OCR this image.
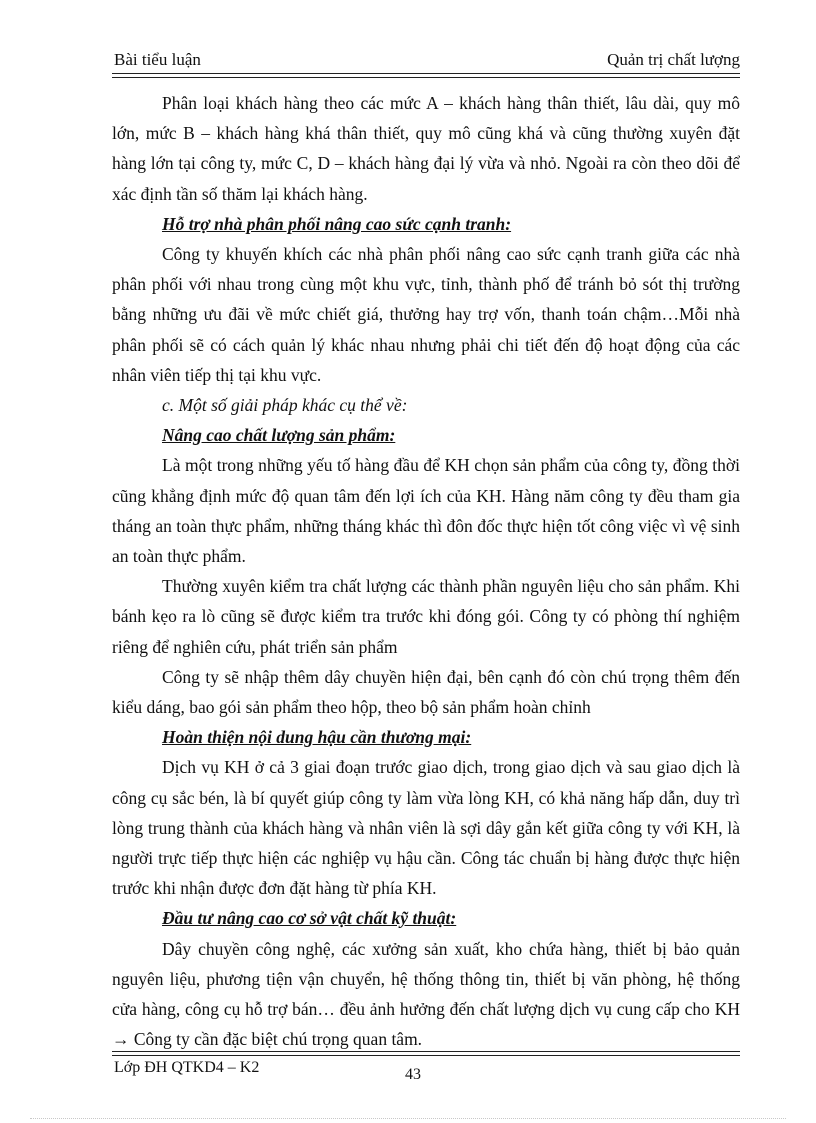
Bài tiểu luận	Quản trị chất lượng

Phân loại khách hàng theo các mức A – khách hàng thân thiết, lâu dài, quy mô lớn, mức B – khách hàng khá thân thiết, quy mô cũng khá và cũng thường xuyên đặt hàng lớn tại công ty, mức C, D – khách hàng đại lý vừa và nhỏ. Ngoài ra còn theo dõi để xác định tần số thăm lại khách hàng.

Hỗ trợ nhà phân phối nâng cao sức cạnh tranh:

Công ty khuyến khích các nhà phân phối nâng cao sức cạnh tranh giữa các nhà phân phối với nhau trong cùng một khu vực, tỉnh, thành phố để tránh bỏ sót thị trường bằng những ưu đãi về mức chiết giá, thưởng hay trợ vốn, thanh toán chậm…Mỗi nhà phân phối sẽ có cách quản lý khác nhau nhưng phải chi tiết đến độ hoạt động của các nhân viên tiếp thị tại khu vực.

c. Một số giải pháp khác cụ thể về:

Nâng cao chất lượng sản phẩm:

Là một trong những yếu tố hàng đầu để KH chọn sản phẩm của công ty, đồng thời cũng khẳng định mức độ quan tâm đến lợi ích của KH. Hàng năm công ty đều tham gia tháng an toàn thực phẩm, những tháng khác thì đôn đốc thực hiện tốt công việc vì vệ sinh an toàn thực phẩm.

Thường xuyên kiểm tra chất lượng các thành phần nguyên liệu cho sản phẩm. Khi bánh kẹo ra lò cũng sẽ được kiểm tra trước khi đóng gói. Công ty có phòng thí nghiệm riêng để nghiên cứu, phát triển sản phẩm

Công ty sẽ nhập thêm dây chuyền hiện đại, bên cạnh đó còn chú trọng thêm đến kiểu dáng, bao gói sản phẩm theo hộp, theo bộ sản phẩm hoàn chỉnh

Hoàn thiện nội dung hậu cần thương mại:

Dịch vụ KH ở cả 3 giai đoạn trước giao dịch, trong giao dịch và sau giao dịch là công cụ sắc bén, là bí quyết giúp công ty làm vừa lòng KH, có khả năng hấp dẫn, duy trì lòng trung thành của khách hàng và nhân viên là sợi dây gắn kết giữa công ty với KH, là người trực tiếp thực hiện các nghiệp vụ hậu cần. Công tác chuẩn bị hàng được thực hiện trước khi nhận được đơn đặt hàng từ phía KH.

Đầu tư nâng cao cơ sở vật chất kỹ thuật:

Dây chuyền công nghệ, các xưởng sản xuất, kho chứa hàng, thiết bị bảo quản nguyên liệu, phương tiện vận chuyển, hệ thống thông tin, thiết bị văn phòng, hệ thống cửa hàng, công cụ hỗ trợ bán… đều ảnh hưởng đến chất lượng dịch vụ cung cấp cho KH → Công ty cần đặc biệt chú trọng quan tâm.

Lớp ĐH QTKD4 – K2	43
